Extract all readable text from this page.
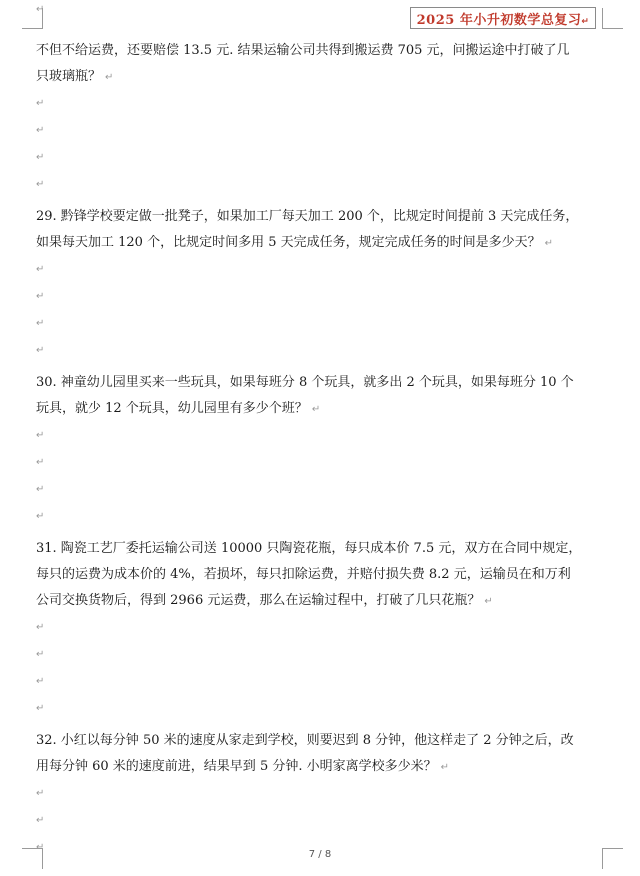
↵
2025 年小升初数学总复习↵
不但不给运费，还要赔偿 13.5 元. 结果运输公司共得到搬运费 705 元，问搬运途中打破了几
只玻璃瓶？ ↵
↵
↵
↵
↵
29. 黔锋学校要定做一批凳子，如果加工厂每天加工 200 个，比规定时间提前 3 天完成任务，
如果每天加工 120 个，比规定时间多用 5 天完成任务，规定完成任务的时间是多少天？ ↵
↵
↵
↵
↵
30. 神童幼儿园里买来一些玩具，如果每班分 8 个玩具，就多出 2 个玩具，如果每班分 10 个
玩具，就少 12 个玩具，幼儿园里有多少个班？ ↵
↵
↵
↵
↵
31. 陶瓷工艺厂委托运输公司送 10000 只陶瓷花瓶，每只成本价 7.5 元，双方在合同中规定，
每只的运费为成本价的 4%，若损坏，每只扣除运费，并赔付损失费 8.2 元，运输员在和万利
公司交换货物后，得到 2966 元运费，那么在运输过程中，打破了几只花瓶？ ↵
↵
↵
↵
↵
32. 小红以每分钟 50 米的速度从家走到学校，则要迟到 8 分钟，他这样走了 2 分钟之后，改
用每分钟 60 米的速度前进，结果早到 5 分钟. 小明家离学校多少米？ ↵
↵
↵
↵
7 / 8
